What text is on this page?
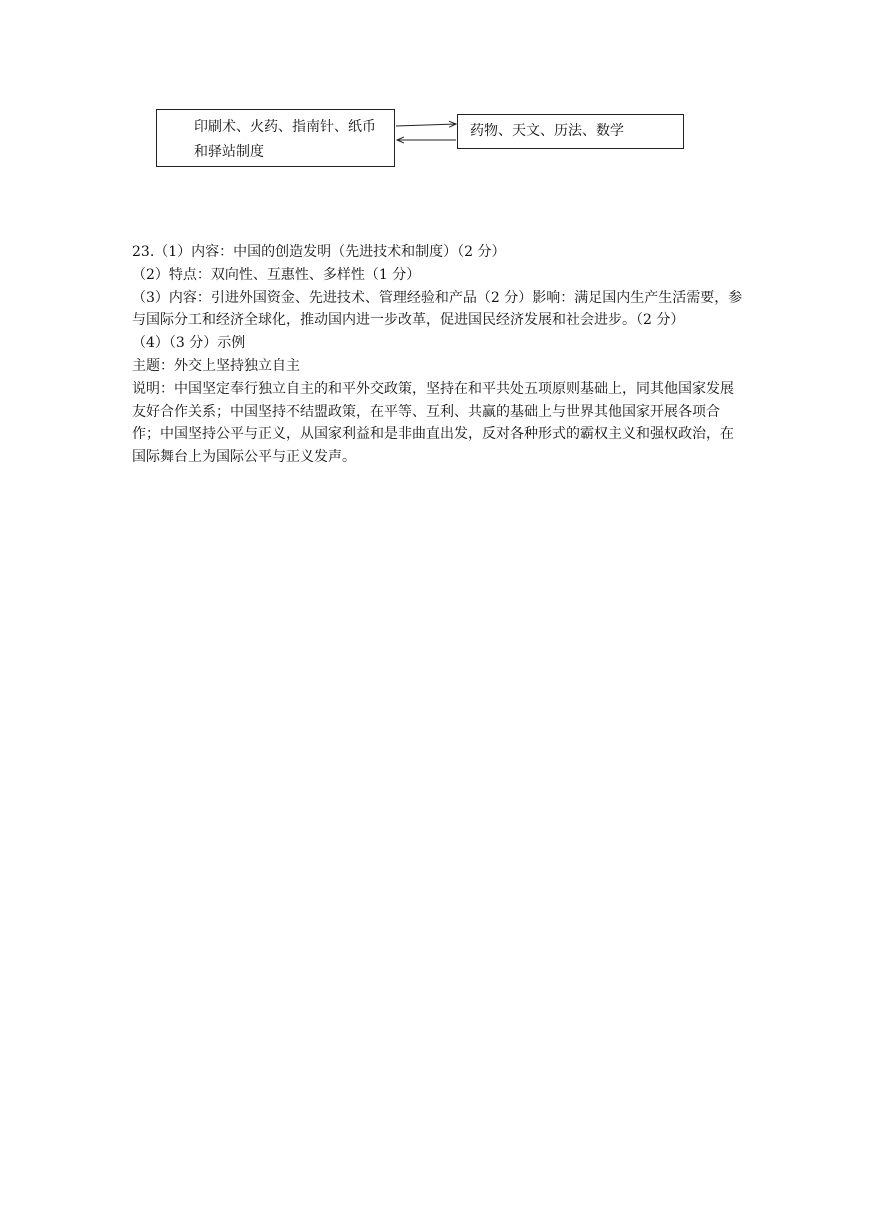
印刷术、火药、指南针、纸币和驿站制度
药物、天文、历法、数学

23.（1）内容：中国的创造发明（先进技术和制度）（2 分）

（2）特点：双向性、互惠性、多样性（1 分）

（3）内容：引进外国资金、先进技术、管理经验和产品（2 分）影响：满足国内生产生活需要，参与国际分工和经济全球化，推动国内进一步改革，促进国民经济发展和社会进步。（2 分）

（4）（3 分）示例

主题：外交上坚持独立自主

说明：中国坚定奉行独立自主的和平外交政策，坚持在和平共处五项原则基础上，同其他国家发展友好合作关系；中国坚持不结盟政策，在平等、互利、共赢的基础上与世界其他国家开展各项合作；中国坚持公平与正义，从国家利益和是非曲直出发，反对各种形式的霸权主义和强权政治，在国际舞台上为国际公平与正义发声。
